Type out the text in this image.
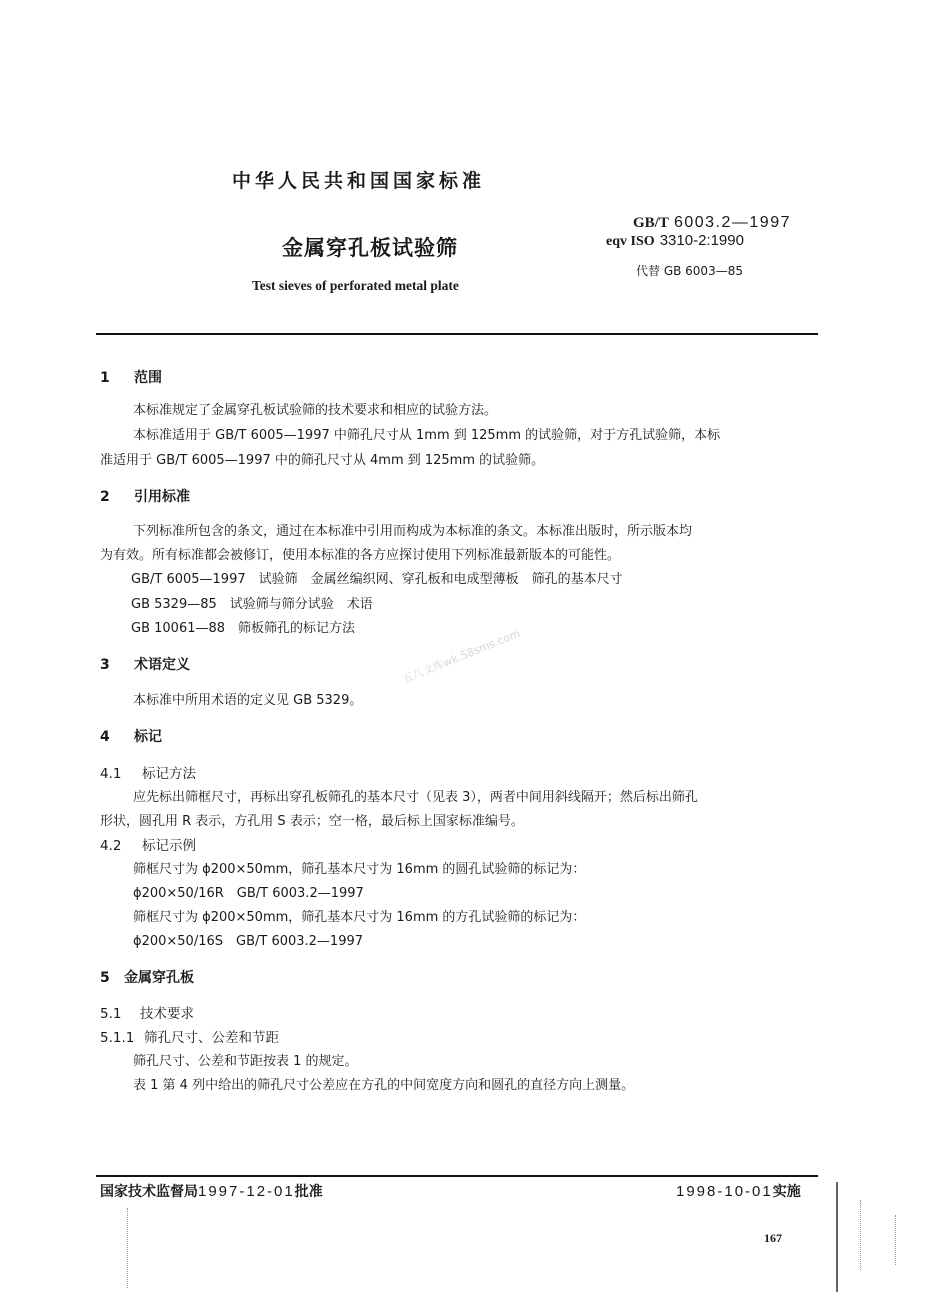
中华人民共和国国家标准
金属穿孔板试验筛
Test sieves of perforated metal plate
GB/T 6003.2—1997
eqv ISO 3310-2:1990
代替 GB 6003—85
1 范围
本标准规定了金属穿孔板试验筛的技术要求和相应的试验方法。
本标准适用于 GB/T 6005—1997 中筛孔尺寸从 1mm 到 125mm 的试验筛，对于方孔试验筛，本标
准适用于 GB/T 6005—1997 中的筛孔尺寸从 4mm 到 125mm 的试验筛。
2 引用标准
下列标准所包含的条文，通过在本标准中引用而构成为本标准的条文。本标准出版时，所示版本均
为有效。所有标准都会被修订，使用本标准的各方应探讨使用下列标准最新版本的可能性。
GB/T 6005—1997　试验筛　金属丝编织网、穿孔板和电成型薄板　筛孔的基本尺寸
GB 5329—85　试验筛与筛分试验　术语
GB 10061—88　筛板筛孔的标记方法	五八文库wk.58sms.com
3 术语定义
本标准中所用术语的定义见 GB 5329。
4 标记
4.1 标记方法
应先标出筛框尺寸，再标出穿孔板筛孔的基本尺寸（见表 3），两者中间用斜线隔开；然后标出筛孔
形状，圆孔用 R 表示，方孔用 S 表示；空一格，最后标上国家标准编号。
4.2 标记示例
筛框尺寸为 ϕ200×50mm，筛孔基本尺寸为 16mm 的圆孔试验筛的标记为：
ϕ200×50/16R　GB/T 6003.2—1997
筛框尺寸为 ϕ200×50mm，筛孔基本尺寸为 16mm 的方孔试验筛的标记为：
ϕ200×50/16S　GB/T 6003.2—1997
5 金属穿孔板
5.1 技术要求
5.1.1 筛孔尺寸、公差和节距
筛孔尺寸、公差和节距按表 1 的规定。
表 1 第 4 列中给出的筛孔尺寸公差应在方孔的中间宽度方向和圆孔的直径方向上测量。
国家技术监督局1997-12-01批准	1998-10-01实施
167
